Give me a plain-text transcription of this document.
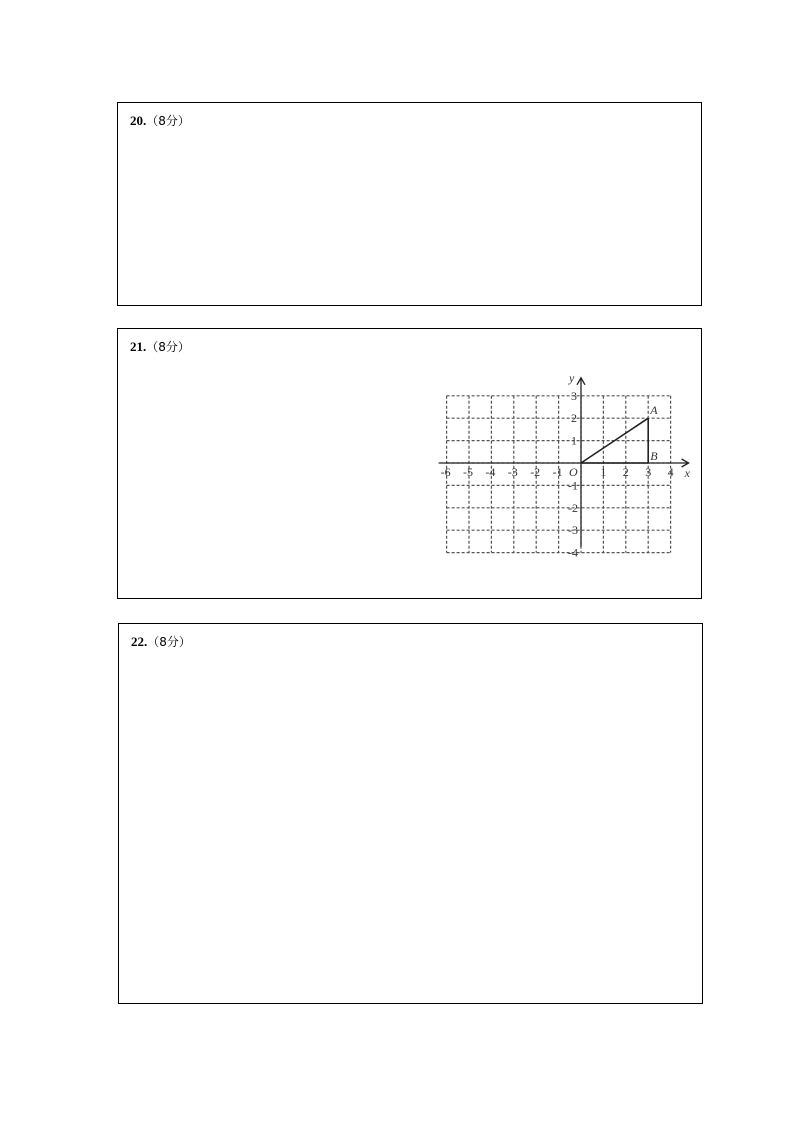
20.（8分）
21.（8分）
22.（8分）
x
y
O
-6 -5 -4 -3 -2 -1	1 2 3 4
3
2
1
-1
-2
-3
-4
A
B
